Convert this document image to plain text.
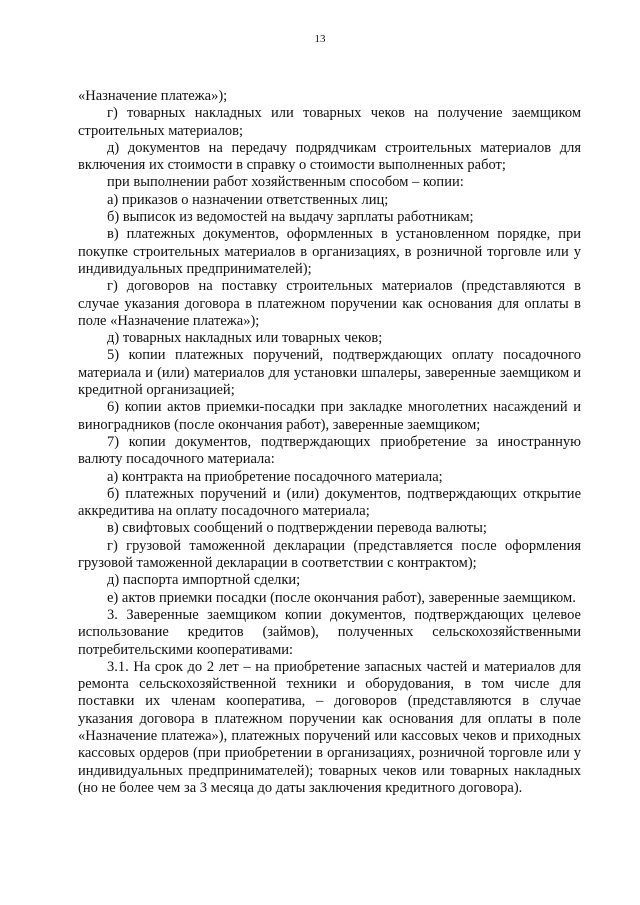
13

«Назначение платежа»);

г) товарных накладных или товарных чеков на получение заемщиком строительных материалов;

д) документов на передачу подрядчикам строительных материалов для включения их стоимости в справку о стоимости выполненных работ;

при выполнении работ хозяйственным способом – копии:

а) приказов о назначении ответственных лиц;

б) выписок из ведомостей на выдачу зарплаты работникам;

в) платежных документов, оформленных в установленном порядке, при покупке строительных материалов в организациях, в розничной торговле или у индивидуальных предпринимателей);

г) договоров на поставку строительных материалов (представляются в случае указания договора в платежном поручении как основания для оплаты в поле «Назначение платежа»);

д) товарных накладных или товарных чеков;

5) копии платежных поручений, подтверждающих оплату посадочного материала и (или) материалов для установки шпалеры, заверенные заемщиком и кредитной организацией;

6) копии актов приемки-посадки при закладке многолетних насаждений и виноградников (после окончания работ), заверенные заемщиком;

7) копии документов, подтверждающих приобретение за иностранную валюту посадочного материала:

а) контракта на приобретение посадочного материала;

б) платежных поручений и (или) документов, подтверждающих открытие аккредитива на оплату посадочного материала;

в) свифтовых сообщений о подтверждении перевода валюты;

г) грузовой таможенной декларации (представляется после оформления грузовой таможенной декларации в соответствии с контрактом);

д) паспорта импортной сделки;

е) актов приемки посадки (после окончания работ), заверенные заемщиком.

3. Заверенные заемщиком копии документов, подтверждающих целевое использование кредитов (займов), полученных сельскохозяйственными потребительскими кооперативами:

3.1. На срок до 2 лет – на приобретение запасных частей и материалов для ремонта сельскохозяйственной техники и оборудования, в том числе для поставки их членам кооператива, – договоров (представляются в случае указания договора в платежном поручении как основания для оплаты в поле «Назначение платежа»), платежных поручений или кассовых чеков и приходных кассовых ордеров (при приобретении в организациях, розничной торговле или у индивидуальных предпринимателей); товарных чеков или товарных накладных (но не более чем за 3 месяца до даты заключения кредитного договора).
